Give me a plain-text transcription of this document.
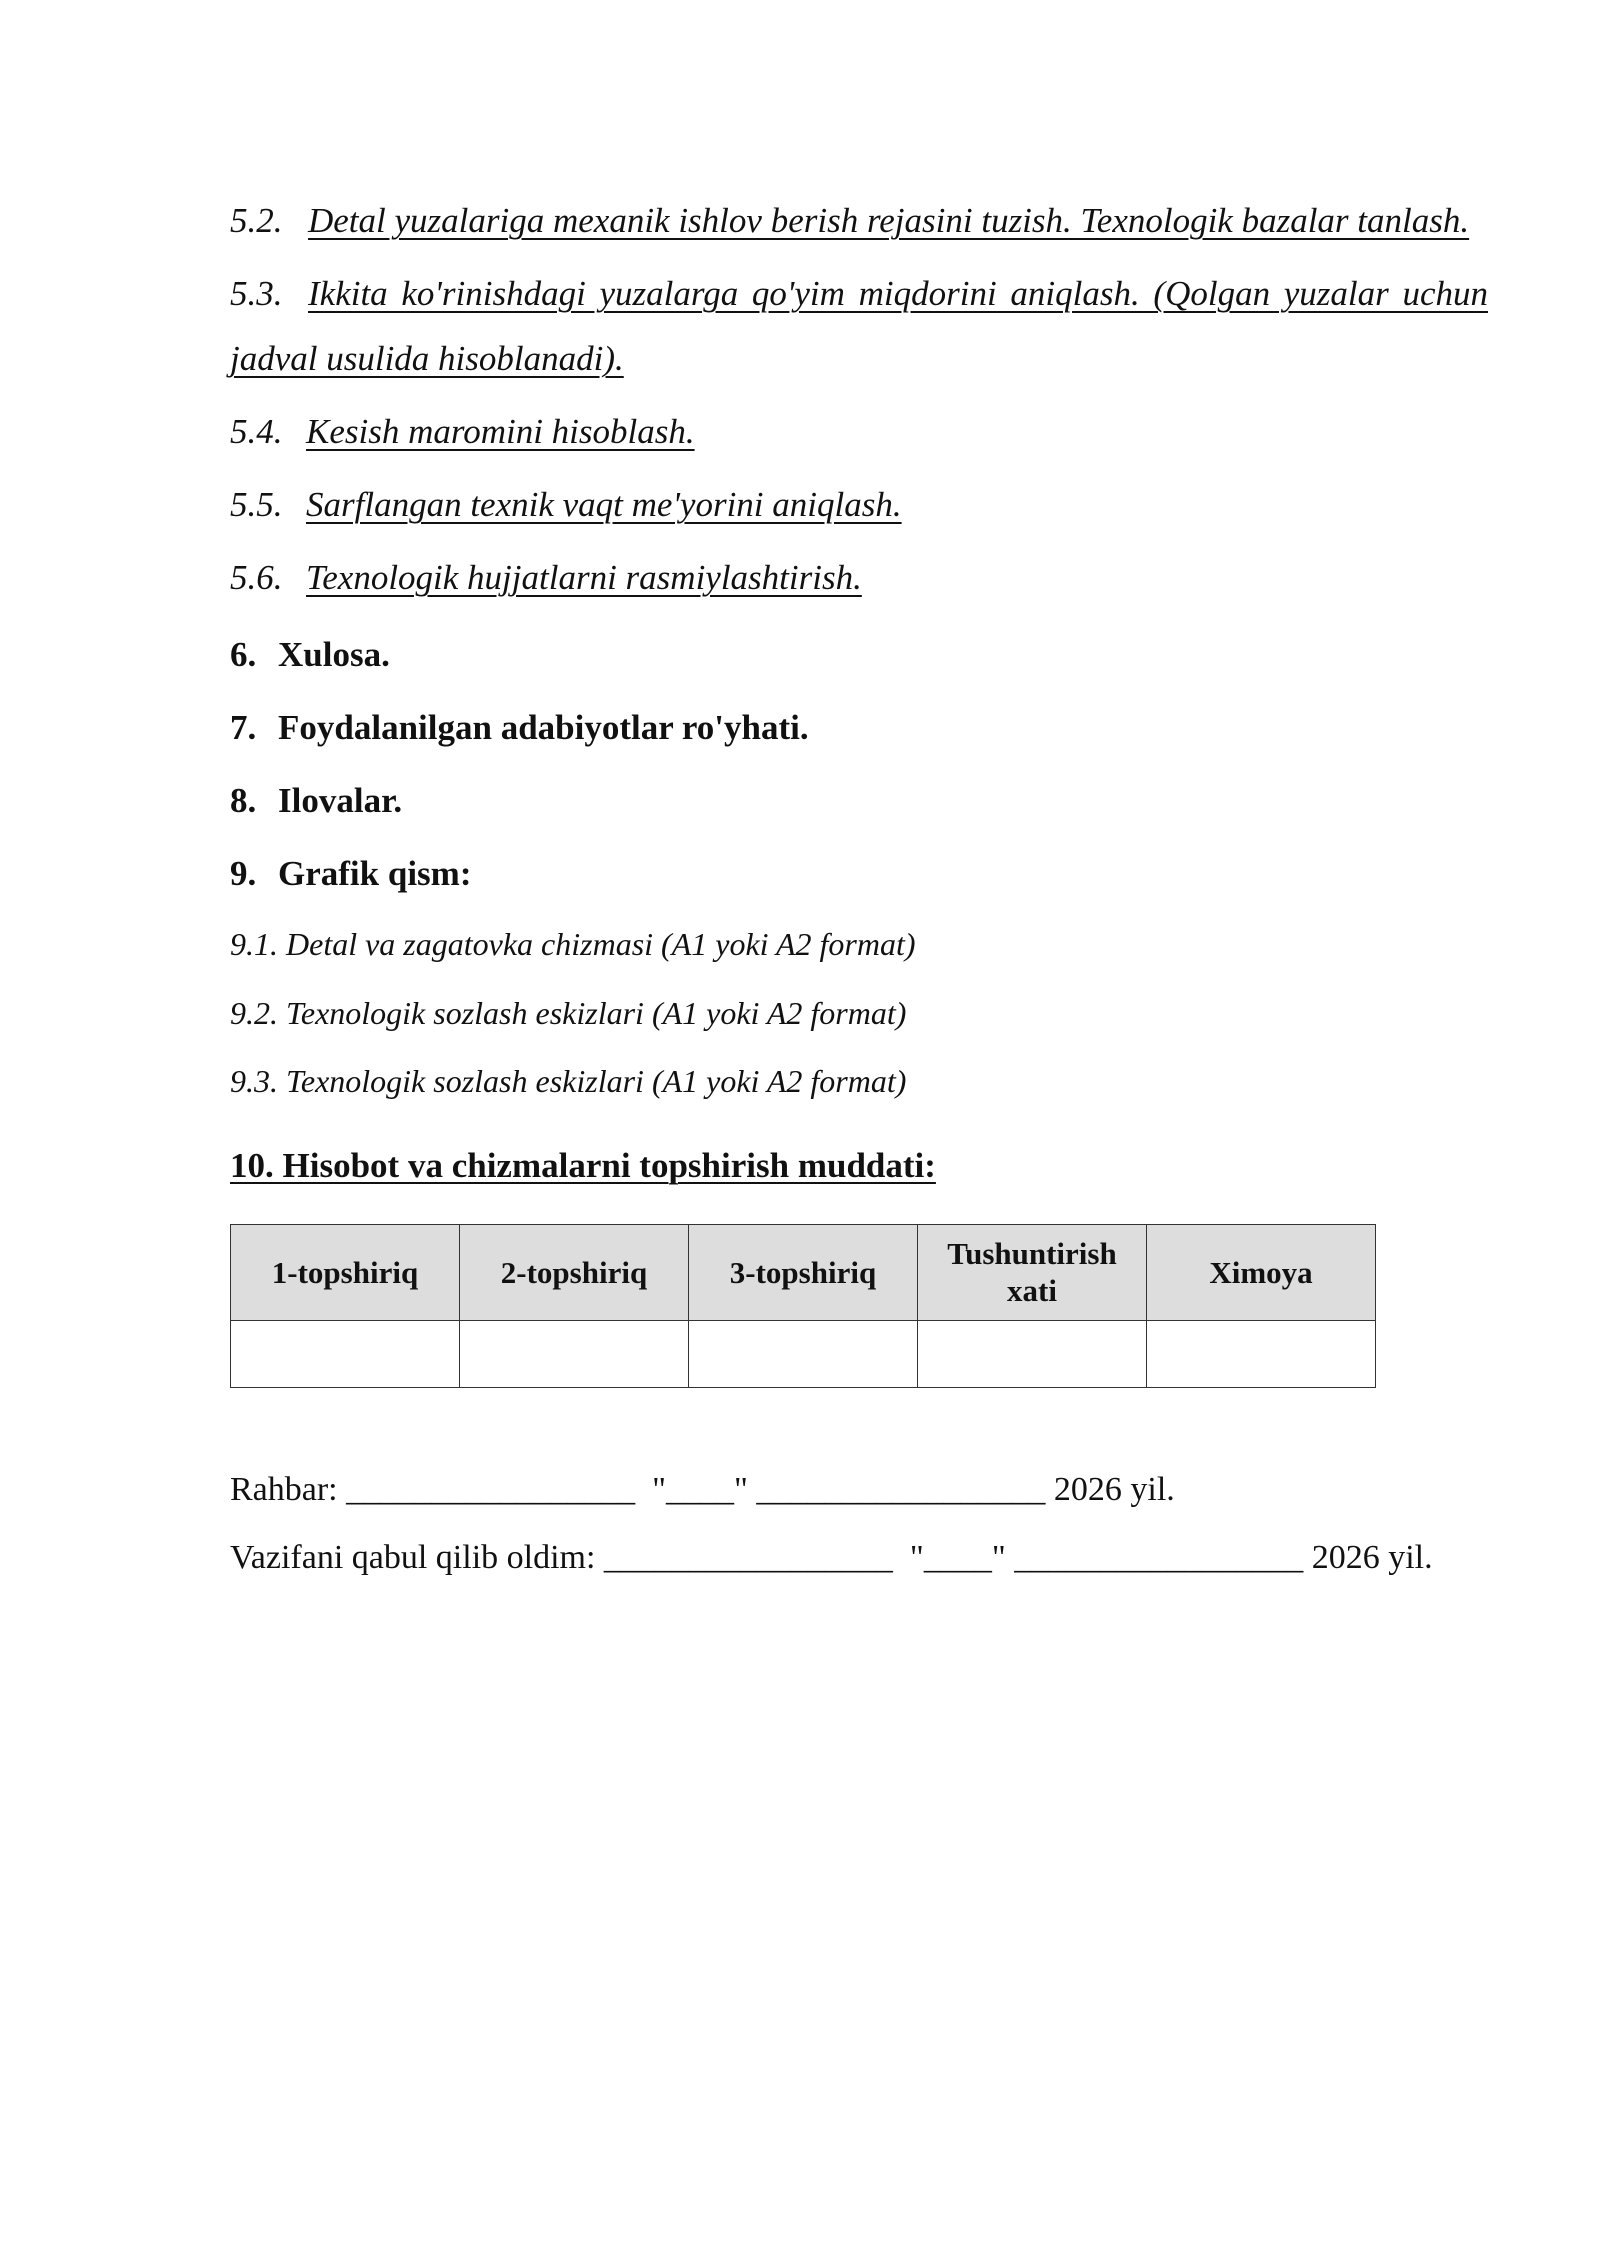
5.2. Detal yuzalariga mexanik ishlov berish rejasini tuzish. Texnologik bazalar tanlash.

5.3. Ikkita ko'rinishdagi yuzalarga qo'yim miqdorini aniqlash. (Qolgan yuzalar uchun jadval usulida hisoblanadi).

5.4. Kesish maromini hisoblash.

5.5. Sarflangan texnik vaqt me'yorini aniqlash.

5.6. Texnologik hujjatlarni rasmiylashtirish.

6. Xulosa.

7. Foydalanilgan adabiyotlar ro'yhati.

8. Ilovalar.

9. Grafik qism:

9.1. Detal va zagatovka chizmasi (A1 yoki A2 format)

9.2. Texnologik sozlash eskizlari (A1 yoki A2 format)

9.3. Texnologik sozlash eskizlari (A1 yoki A2 format)

10. Hisobot va chizmalarni topshirish muddati:

1-topshiriq	2-topshiriq	3-topshiriq	Tushuntirish xati	Ximoya

Rahbar: _________________  "____" _________________ 2026 yil.

Vazifani qabul qilib oldim: _________________  "____" _________________ 2026 yil.
